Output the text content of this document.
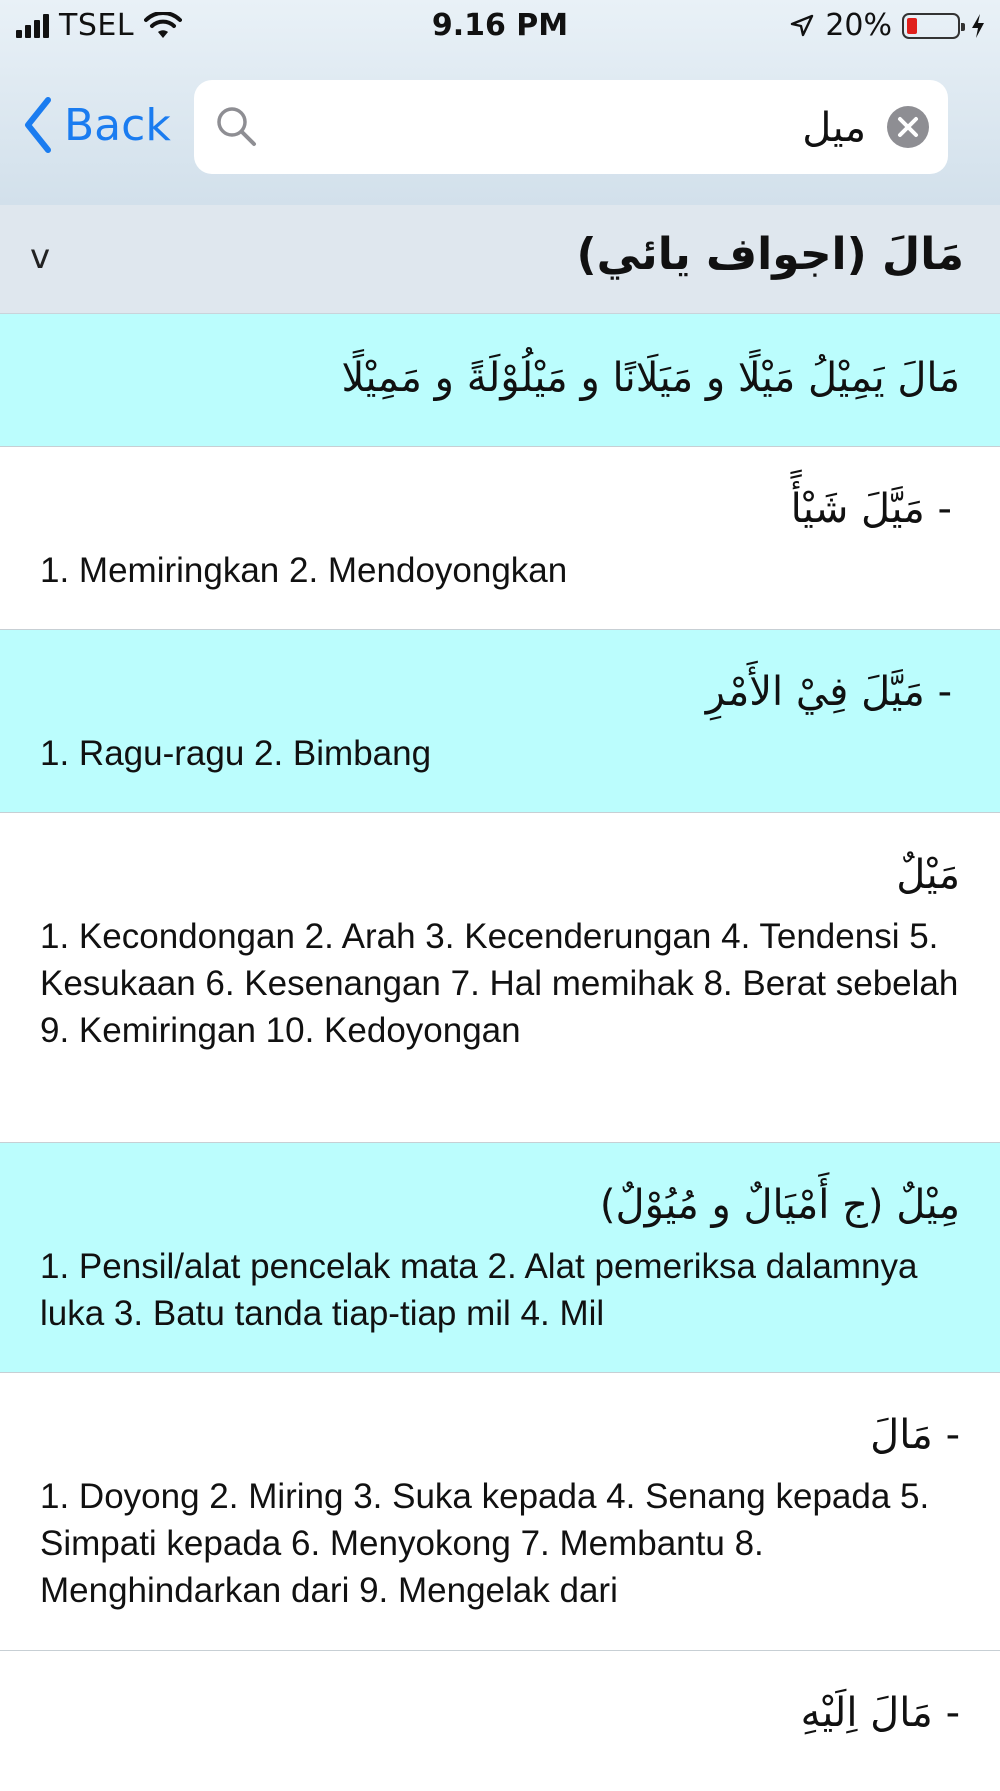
TSEL	9.16 PM	20%
Back
ميل
v	مَالَ (اجواف يائي)
مَالَ يَمِيْلُ مَيْلًا و مَيَلَانًا و مَيْلُوْلَةً و مَمِيْلًا
- مَيَّلَ شَيْأً
1. Memiringkan 2. Mendoyongkan
- مَيَّلَ فِيْ الأَمْرِ
1. Ragu-ragu 2. Bimbang
مَيْلٌ
1. Kecondongan 2. Arah 3. Kecenderungan 4. Tendensi 5. Kesukaan 6. Kesenangan 7. Hal memihak 8. Berat sebelah 9. Kemiringan 10. Kedoyongan
مِيْلٌ (ج أَمْيَالٌ و مُيُوْلٌ)
1. Pensil/alat pencelak mata 2. Alat pemeriksa dalamnya luka 3. Batu tanda tiap-tiap mil 4. Mil
- مَالَ
1. Doyong 2. Miring 3. Suka kepada 4. Senang kepada 5. Simpati kepada 6. Menyokong 7. Membantu 8. Menghindarkan dari 9. Mengelak dari
- مَالَ اِلَيْهِ
